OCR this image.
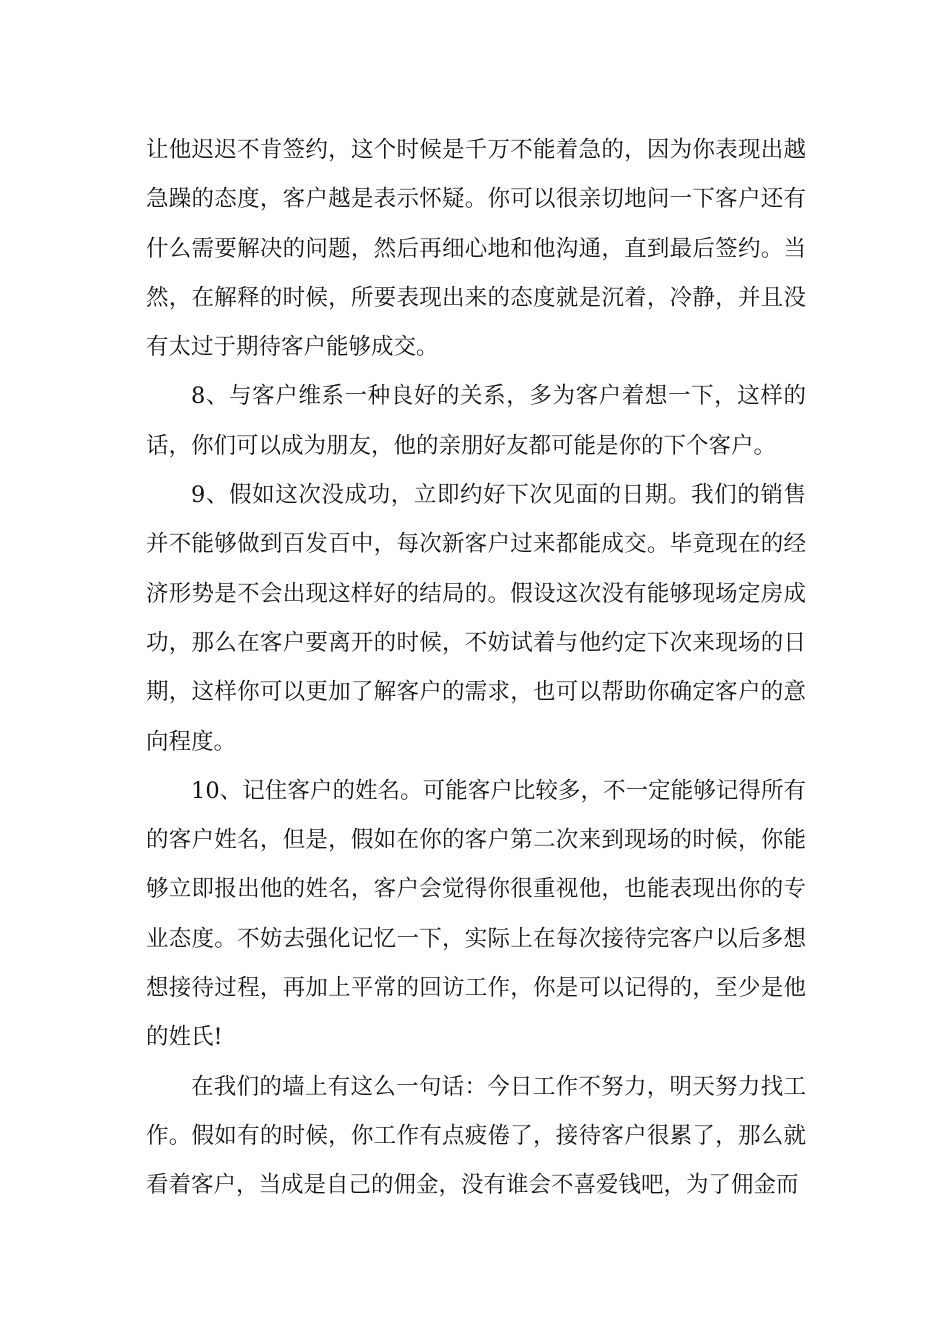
让他迟迟不肯签约，这个时候是千万不能着急的，因为你表现出越急躁的态度，客户越是表示怀疑。你可以很亲切地问一下客户还有什么需要解决的问题，然后再细心地和他沟通，直到最后签约。当然，在解释的时候，所要表现出来的态度就是沉着，冷静，并且没有太过于期待客户能够成交。

8、与客户维系一种良好的关系，多为客户着想一下，这样的话，你们可以成为朋友，他的亲朋好友都可能是你的下个客户。

9、假如这次没成功，立即约好下次见面的日期。我们的销售并不能够做到百发百中，每次新客户过来都能成交。毕竟现在的经济形势是不会出现这样好的结局的。假设这次没有能够现场定房成功，那么在客户要离开的时候，不妨试着与他约定下次来现场的日期，这样你可以更加了解客户的需求，也可以帮助你确定客户的意向程度。

10、记住客户的姓名。可能客户比较多，不一定能够记得所有的客户姓名，但是，假如在你的客户第二次来到现场的时候，你能够立即报出他的姓名，客户会觉得你很重视他，也能表现出你的专业态度。不妨去强化记忆一下，实际上在每次接待完客户以后多想想接待过程，再加上平常的回访工作，你是可以记得的，至少是他的姓氏!

在我们的墙上有这么一句话：今日工作不努力，明天努力找工作。假如有的时候，你工作有点疲倦了，接待客户很累了，那么就看着客户，当成是自己的佣金，没有谁会不喜爱钱吧，为了佣金而
